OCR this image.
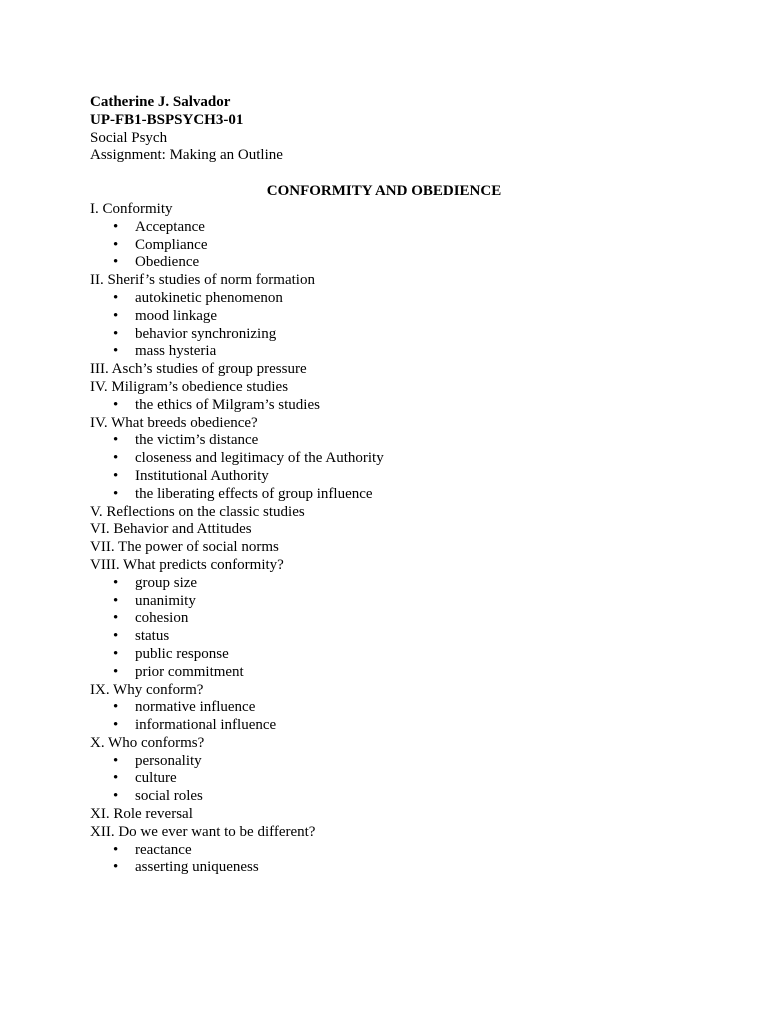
Catherine J. Salvador
UP-FB1-BSPSYCH3-01
Social Psych
Assignment: Making an Outline
CONFORMITY AND OBEDIENCE
I. Conformity
• Acceptance
• Compliance
• Obedience
II. Sherif’s studies of norm formation
• autokinetic phenomenon
• mood linkage
• behavior synchronizing
• mass hysteria
III. Asch’s studies of group pressure
IV. Miligram’s obedience studies
• the ethics of Milgram’s studies
IV. What breeds obedience?
• the victim’s distance
• closeness and legitimacy of the Authority
• Institutional Authority
• the liberating effects of group influence
V. Reflections on the classic studies
VI. Behavior and Attitudes
VII. The power of social norms
VIII. What predicts conformity?
• group size
• unanimity
• cohesion
• status
• public response
• prior commitment
IX. Why conform?
• normative influence
• informational influence
X. Who conforms?
• personality
• culture
• social roles
XI. Role reversal
XII. Do we ever want to be different?
• reactance
• asserting uniqueness
